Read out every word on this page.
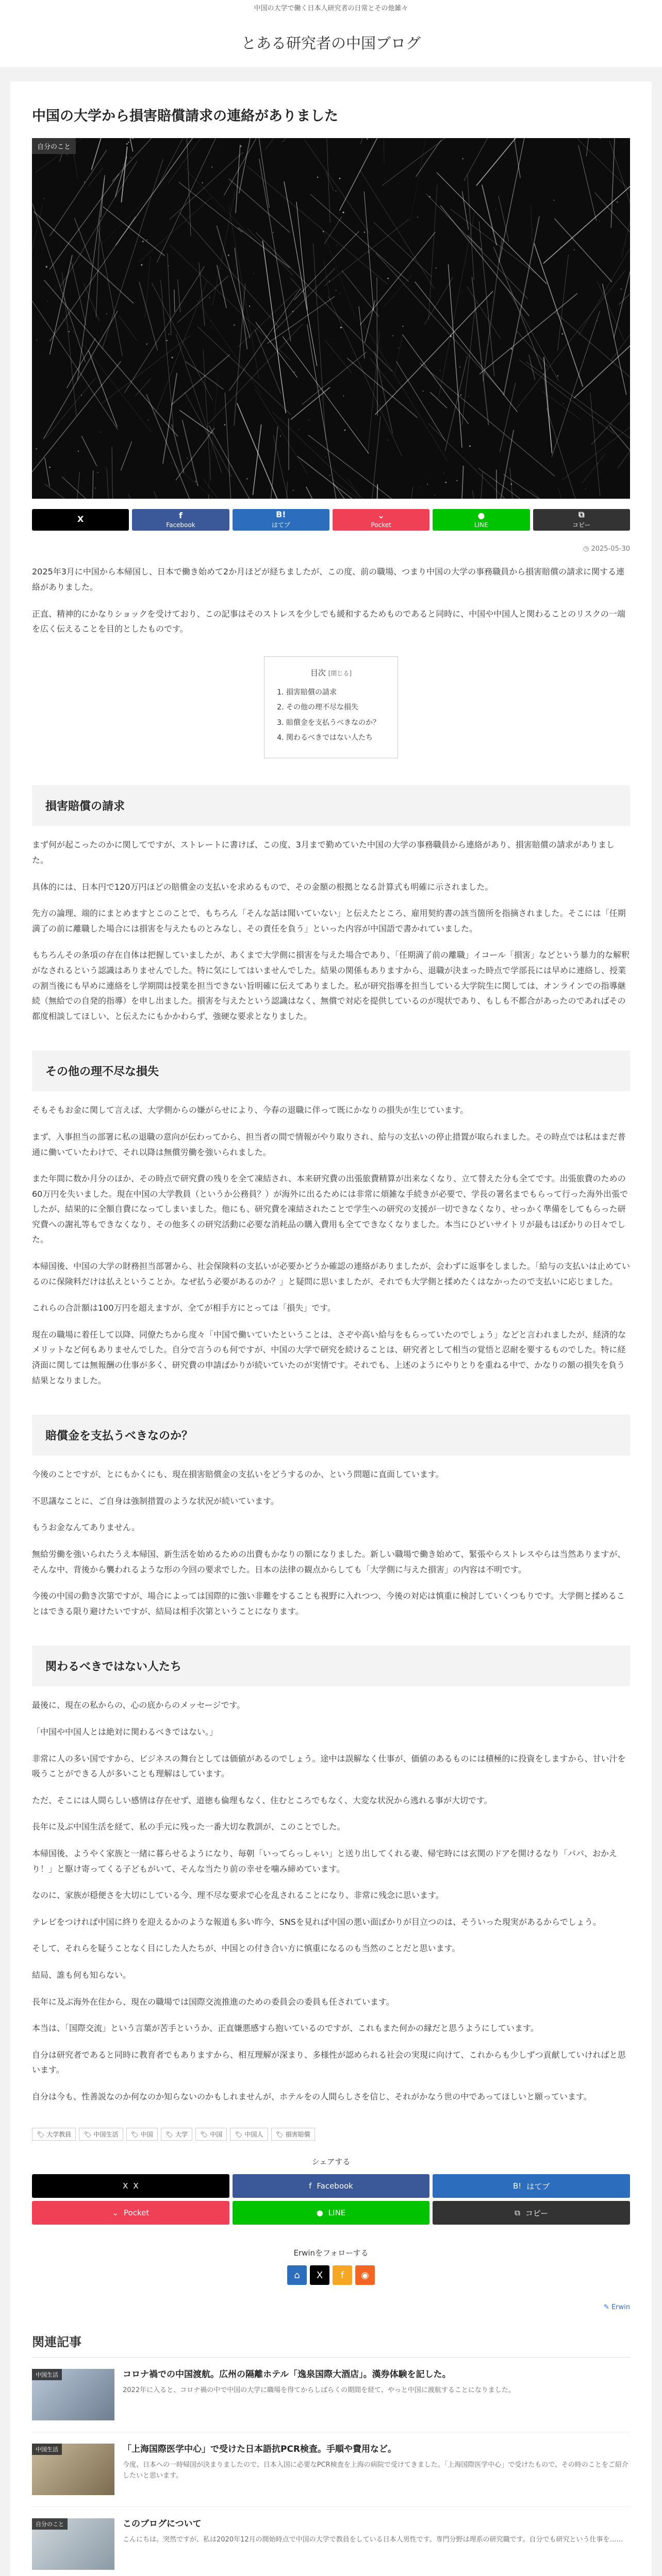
中国の大学で働く日本人研究者の日常とその他雑々
とある研究者の中国ブログ
中国の大学から損害賠償請求の連絡がありました
自分のこと
X	f
Facebook
B!
はてブ
⌄
Pocket
●
LINE
⧉
コピー
◷ 2025-05-30

2025年3月に中国から本帰国し、日本で働き始めて2か月ほどが経ちましたが、この度、前の職場、つまり中国の大学の事務職員から損害賠償の請求に関する連絡がありました。

正直、精神的にかなりショックを受けており、この記事はそのストレスを少しでも緩和するためものであると同時に、中国や中国人と関わることのリスクの一端を広く伝えることを目的としたものです。

目次 [閉じる]
1. 損害賠償の請求
2. その他の理不尽な損失
3. 賠償金を支払うべきなのか？
4. 関わるべきではない人たち
損害賠償の請求

まず何が起こったのかに関してですが、ストレートに書けば、この度、3月まで勤めていた中国の大学の事務職員から連絡があり、損害賠償の請求がありました。

具体的には、日本円で120万円ほどの賠償金の支払いを求めるもので、その金額の根拠となる計算式も明確に示されました。

先方の論理、端的にまとめますとこのことで、もちろん「そんな話は聞いていない」と伝えたところ、雇用契約書の該当箇所を指摘されました。そこには「任期満了の前に離職した場合には損害を与えたものとみなし、その責任を負う」といった内容が中国語で書かれていました。

もちろんその条項の存在自体は把握していましたが、あくまで大学側に損害を与えた場合であり、「任期満了前の離職」イコール「損害」などという暴力的な解釈がなされるという認識はありませんでした。特に気にしてはいませんでした。結果の関係もありますから、退職が決まった時点で学部長には早めに連絡し、授業の割当後にも早めに連絡をし学期間は授業を担当できない旨明確に伝えてありました。私が研究指導を担当している大学院生に関しては、オンラインでの指導継続（無給での自発的指導）を申し出ました。損害を与えたという認識はなく、無償で対応を提供しているのが現状であり、もしも不都合があったのであればその都度相談してほしい、と伝えたにもかかわらず、強硬な要求となりました。

その他の理不尽な損失

そもそもお金に関して言えば、大学側からの嫌がらせにより、今春の退職に伴って既にかなりの損失が生じています。

まず、入事担当の部署に私の退職の意向が伝わってから、担当者の間で情報がやり取りされ、給与の支払いの停止措置が取られました。その時点では私はまだ普通に働いていたわけで、それ以降は無償労働を強いられました。

また年間に数か月分のほか、その時点で研究費の残りを全て凍結され、本来研究費の出張旅費精算が出来なくなり、立て替えた分も全てです。出張旅費のための60万円を失いました。現在中国の大学教員（というか公務員？）が海外に出るためには非常に煩雑な手続きが必要で、学長の署名までもらって行った海外出張でしたが、結果的に全額自費になってしまいました。他にも、研究費を凍結されたことで学生への研究の支援が一切できなくなり、せっかく準備をしてもらった研究費への謝礼等もできなくなり、その他多くの研究活動に必要な消耗品の購入費用も全てできなくなりました。本当にひどいサイトリが最もはぼかりの日々でした。

本帰国後、中国の大学の財務担当部署から、社会保険料の支払いが必要かどうか確認の連絡がありましたが、会わずに返事をしました。「給与の支払いは止めているのに保険料だけは払えということか。なぜ払う必要があるのか？」と疑問に思いましたが、それでも大学側と揉めたくはなかったので支払いに応じました。

これらの合計額は100万円を超えますが、全てが相手方にとっては「損失」です。

現在の職場に着任して以降、同僚たちから度々「中国で働いていたということは、さぞや高い給与をもらっていたのでしょう」などと言われましたが、経済的なメリットなど何もありませんでした。自分で言うのも何ですが、中国の大学で研究を続けることは、研究者として相当の覚悟と忍耐を要するものでした。特に経済面に関しては無報酬の仕事が多く、研究費の申請ばかりが続いていたのが実情です。それでも、上述のようにやりとりを重ねる中で、かなりの額の損失を負う結果となりました。

賠償金を支払うべきなのか？

今後のことですが、とにもかくにも、現在損害賠償金の支払いをどうするのか、という問題に直面しています。

不思議なことに、ご自身は強制措置のような状況が続いています。

もうお金なんてありません。

無給労働を強いられたうえ本帰国、新生活を始めるための出費もかなりの額になりました。新しい職場で働き始めて、緊張やらストレスやらは当然ありますが、そんな中、背後から襲われるような形の今回の要求でした。日本の法律の観点からしても「大学側に与えた損害」の内容は不明です。

今後の中国の動き次第ですが、場合によっては国際的に強い非難をすることも視野に入れつつ、今後の対応は慎重に検討していくつもりです。大学側と揉めることはできる限り避けたいですが、結局は相手次第ということになります。

関わるべきではない人たち

最後に、現在の私からの、心の底からのメッセージです。

「中国や中国人とは絶対に関わるべきではない。」

非常に人の多い国ですから、ビジネスの舞台としては価値があるのでしょう。途中は誤解なく仕事が、価値のあるものには積極的に投資をしますから、甘い汁を吸うことができる人が多いことも理解はしています。

ただ、そこには人間らしい感情は存在せず、道徳も倫理もなく、住むところでもなく、大変な状況から逃れる事が大切です。

長年に及ぶ中国生活を経て、私の手元に残った一番大切な教訓が、このことでした。

本帰国後、ようやく家族と一緒に暮らせるようになり、毎朝「いってらっしゃい」と送り出してくれる妻、帰宅時には玄関のドアを開けるなり「パパ、おかえり！」と駆け寄ってくる子どもがいて、そんな当たり前の幸せを噛み締めています。

なのに、家族が穏便さを大切にしている今、理不尽な要求で心を乱されることになり、非常に残念に思います。

テレビをつければ中国に終りを迎えるかのような報道も多い昨今、SNSを見れば中国の悪い面ばかりが目立つのは、そういった現実があるからでしょう。

そして、それらを疑うことなく目にした人たちが、中国との付き合い方に慎重になるのも当然のことだと思います。

結局、誰も何も知らない。

長年に及ぶ海外在住から、現在の職場では国際交流推進のための委員会の委員も任されています。

本当は、「国際交流」という言葉が苦手というか、正直嫌悪感すら抱いているのですが、これもまた何かの縁だと思うようにしています。

自分は研究者であると同時に教育者でもありますから、相互理解が深まり、多様性が認められる社会の実現に向けて、これからも少しずつ貢献していければと思います。

自分は今も、性善説なのか何なのか知らないのかもしれませんが、ホテルをの人間らしさを信じ、それがかなう世の中であってほしいと願っています。

🏷 大学教員 🏷 中国生活 🏷 中国 🏷 大学 🏷 中国 🏷 中国人 🏷 損害賠償
シェアする
X X	f Facebook	B! はてブ
⌄ Pocket	● LINE	⧉ コピー
Erwinをフォローする
⌂	X	f	◉
✎ Erwin
関連記事
中国生活	コロナ禍での中国渡航。広州の隔離ホテル「逸泉国際大酒店」。漢券体験を記した。

2022年に入ると、コロナ禍の中で中国の大学に職場を得てからしばらくの期間を経て、やっと中国に渡航することになりました。

中国生活	「上海国際医学中心」で受けた日本語抗PCR検査。手順や費用など。

今度、日本への一時帰国が決まりましたので、日本入国に必要なPCR検査を上海の病院で受けてきました。「上海国際医学中心」で受けたもので、その時のことをご紹介したいと思います。

自分のこと	このブログについて

こんにちは。突然ですが、私は2020年12月の開始時点で中国の大学で教員をしている日本人男性です。専門分野は理系の研究職です。自分でも研究という仕事を……
